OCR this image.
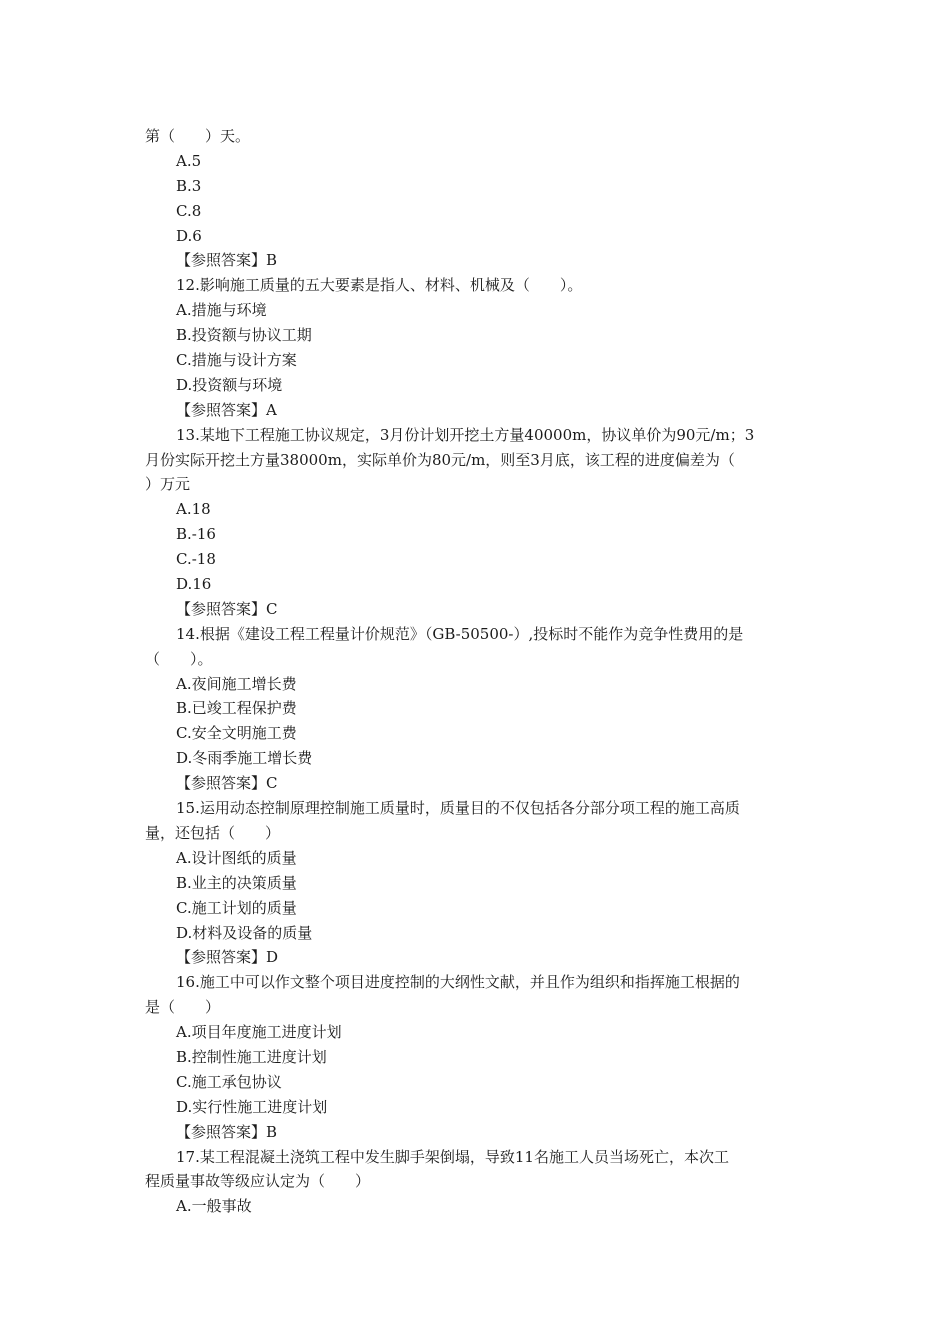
第（　　）天。
A.5
B.3
C.8
D.6
【参照答案】B
12.影响施工质量的五大要素是指人、材料、机械及（　　）。
A.措施与环境
B.投资额与协议工期
C.措施与设计方案
D.投资额与环境
【参照答案】A
13.某地下工程施工协议规定，3月份计划开挖土方量40000m，协议单价为90元/m；3
月份实际开挖土方量38000m，实际单价为80元/m，则至3月底，该工程的进度偏差为（
）万元
A.18
B.-16
C.-18
D.16
【参照答案】C
14.根据《建设工程工程量计价规范》（GB-50500-）,投标时不能作为竞争性费用的是
（　　）。
A.夜间施工增长费
B.已竣工程保护费
C.安全文明施工费
D.冬雨季施工增长费
【参照答案】C
15.运用动态控制原理控制施工质量时，质量目的不仅包括各分部分项工程的施工高质
量，还包括（　　）
A.设计图纸的质量
B.业主的决策质量
C.施工计划的质量
D.材料及设备的质量
【参照答案】D
16.施工中可以作文整个项目进度控制的大纲性文献，并且作为组织和指挥施工根据的
是（　　）
A.项目年度施工进度计划
B.控制性施工进度计划
C.施工承包协议
D.实行性施工进度计划
【参照答案】B
17.某工程混凝土浇筑工程中发生脚手架倒塌，导致11名施工人员当场死亡，本次工
程质量事故等级应认定为（　　）
A.一般事故
